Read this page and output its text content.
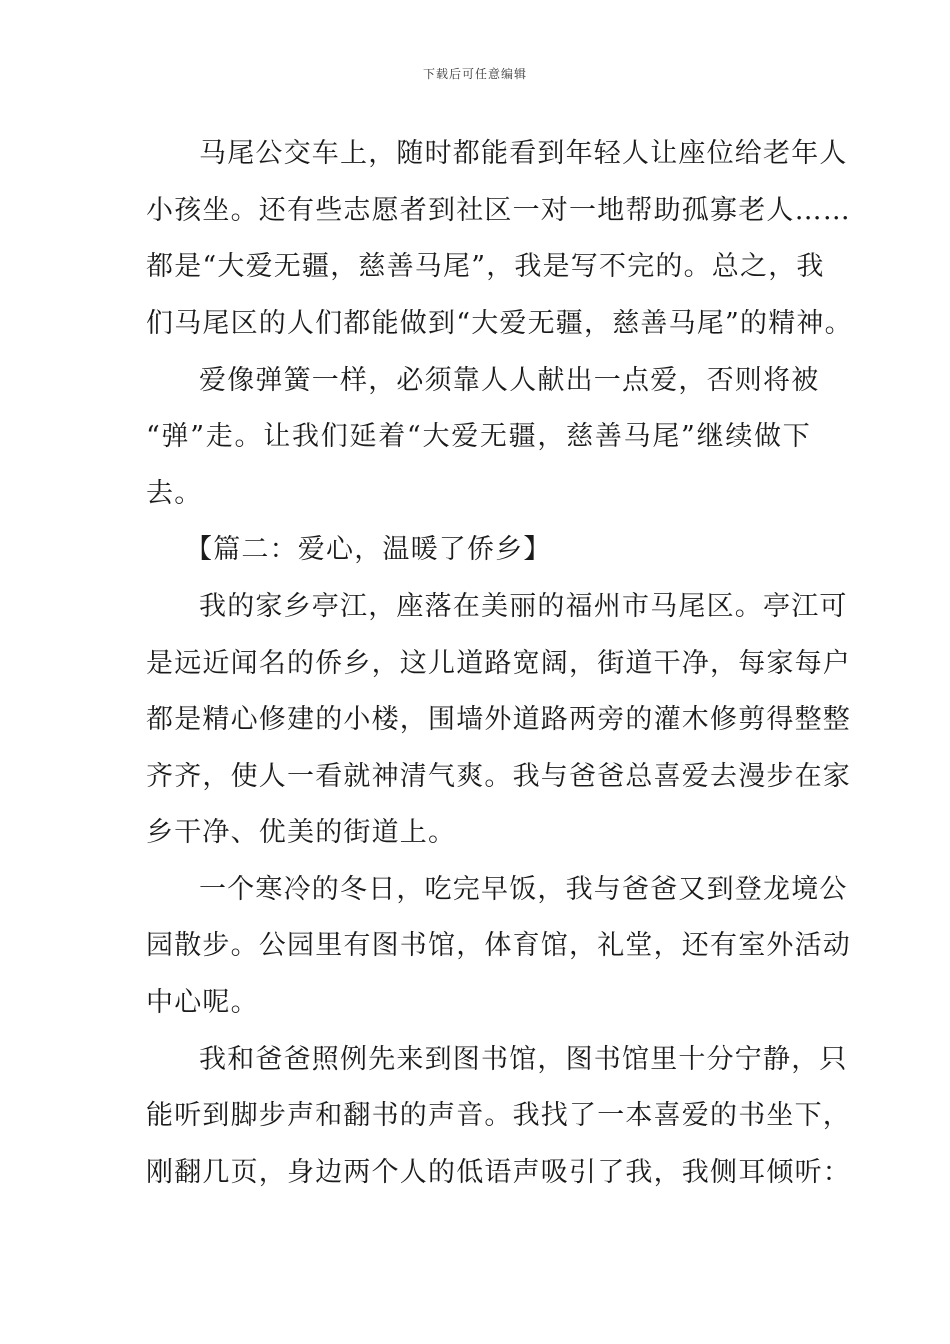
下载后可任意编辑
马尾公交车上，随时都能看到年轻人让座位给老年人
小孩坐。还有些志愿者到社区一对一地帮助孤寡老人……
都是“大爱无疆，慈善马尾”，我是写不完的。总之，我
们马尾区的人们都能做到“大爱无疆，慈善马尾”的精神。
爱像弹簧一样，必须靠人人献出一点爱，否则将被
“弹”走。让我们延着“大爱无疆，慈善马尾”继续做下
去。
【篇二：爱心，温暖了侨乡】
我的家乡亭江，座落在美丽的福州市马尾区。亭江可
是远近闻名的侨乡，这儿道路宽阔，街道干净，每家每户
都是精心修建的小楼，围墙外道路两旁的灌木修剪得整整
齐齐，使人一看就神清气爽。我与爸爸总喜爱去漫步在家
乡干净、优美的街道上。
一个寒冷的冬日，吃完早饭，我与爸爸又到登龙境公
园散步。公园里有图书馆，体育馆，礼堂，还有室外活动
中心呢。
我和爸爸照例先来到图书馆，图书馆里十分宁静，只
能听到脚步声和翻书的声音。我找了一本喜爱的书坐下，
刚翻几页，身边两个人的低语声吸引了我，我侧耳倾听：
